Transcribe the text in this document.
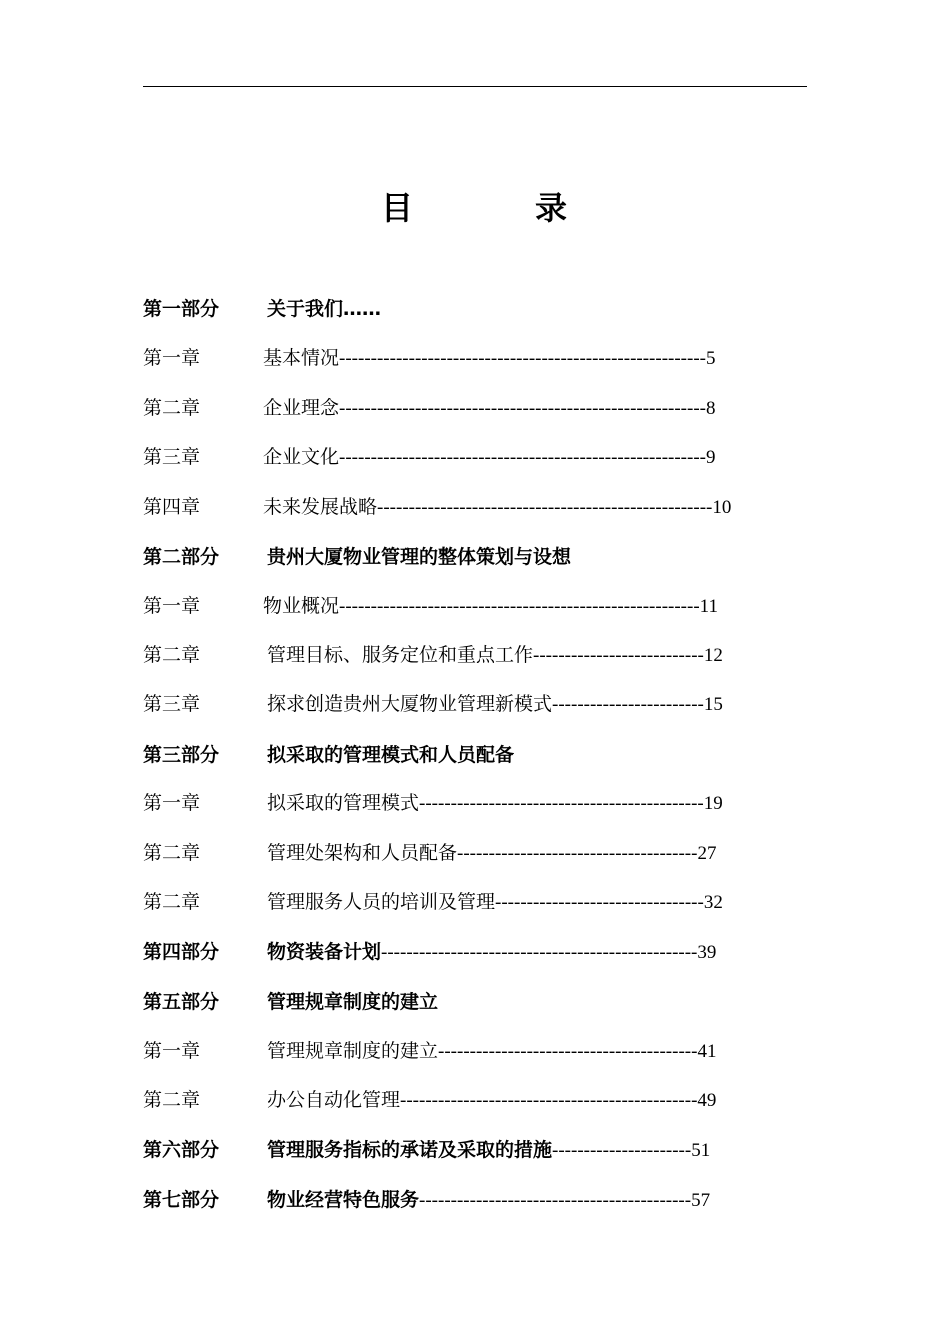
目	录
第一部分	关于我们……
第一章	基本情况----------------------------------------------------------5
第二章	企业理念----------------------------------------------------------8
第三章	企业文化----------------------------------------------------------9
第四章	未来发展战略-----------------------------------------------------10
第二部分	贵州大厦物业管理的整体策划与设想
第一章	物业概况---------------------------------------------------------11
第二章	管理目标、服务定位和重点工作---------------------------12
第三章	探求创造贵州大厦物业管理新模式------------------------15
第三部分	拟采取的管理模式和人员配备
第一章	拟采取的管理模式---------------------------------------------19
第二章	管理处架构和人员配备--------------------------------------27
第二章	管理服务人员的培训及管理---------------------------------32
第四部分	物资装备计划--------------------------------------------------39
第五部分	管理规章制度的建立
第一章	管理规章制度的建立-----------------------------------------41
第二章	办公自动化管理-----------------------------------------------49
第六部分	管理服务指标的承诺及采取的措施----------------------51
第七部分	物业经营特色服务-------------------------------------------57
